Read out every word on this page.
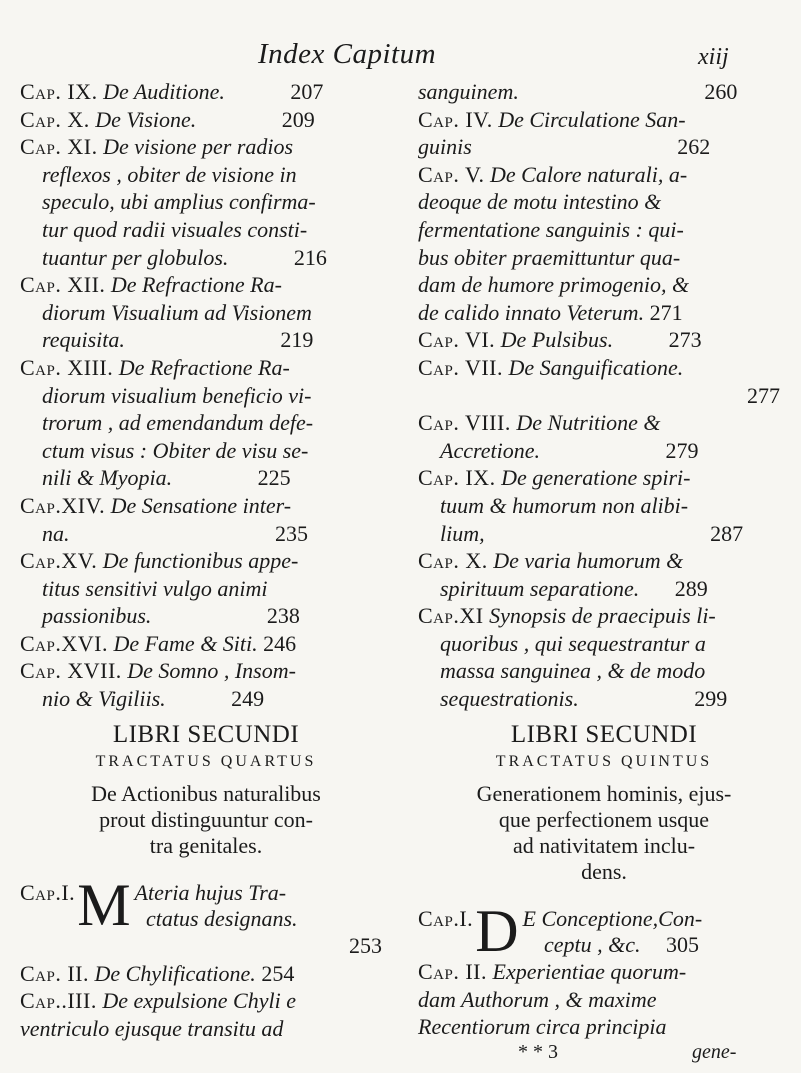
Index Capitum	xiij

Cap. IX. De Auditione.	207

Cap. X. De Visione.	209

Cap. XI. De visione per radios
reflexos , obiter de visione in
speculo, ubi amplius confirma-
tur quod radii visuales consti-
tuantur per globulos.	216

Cap. XII. De Refractione Ra-
diorum Visualium ad Visionem
requisita.	219

Cap. XIII. De Refractione Ra-
diorum visualium beneficio vi-
trorum , ad emendandum defe-
ctum visus : Obiter de visu se-
nili & Myopia.	225

Cap.XIV. De Sensatione inter-
na.	235

Cap.XV. De functionibus appe-
titus sensitivi vulgo animi
passionibus.	238

Cap.XVI. De Fame & Siti. 246

Cap. XVII. De Somno , Insom-
nio & Vigiliis.	249

LIBRI SECUNDI
TRACTATUS QUARTUS
De Actionibus naturalibus
prout distinguuntur con-
tra genitales.

Cap.I.M Ateria hujus Tra-
ctatus designans.
253

Cap. II. De Chylificatione. 254

Cap..III. De expulsione Chyli e
ventriculo ejusque transitu ad

sanguinem.	260

Cap. IV. De Circulatione San-
guinis	262

Cap. V. De Calore naturali, a-
deoque de motu intestino &
fermentatione sanguinis : qui-
bus obiter praemittuntur qua-
dam de humore primogenio, &
de calido innato Veterum. 271

Cap. VI. De Pulsibus.	273

Cap. VII. De Sanguificatione.
277

Cap. VIII. De Nutritione &
Accretione.	279

Cap. IX. De generatione spiri-
tuum & humorum non alibi-
lium,	287

Cap. X. De varia humorum &
spirituum separatione. 289

Cap.XI Synopsis de praecipuis li-
quoribus , qui sequestrantur a
massa sanguinea , & de modo
sequestrationis.	299

LIBRI SECUNDI
TRACTATUS QUINTUS
Generationem hominis, ejus-
que perfectionem usque
ad nativitatem inclu-
dens.

Cap.I.D E Conceptione,Con-
ceptu , &c. 305

Cap. II. Experientiae quorum-
dam Authorum , & maxime
Recentiorum circa principia

* * 3	gene-
